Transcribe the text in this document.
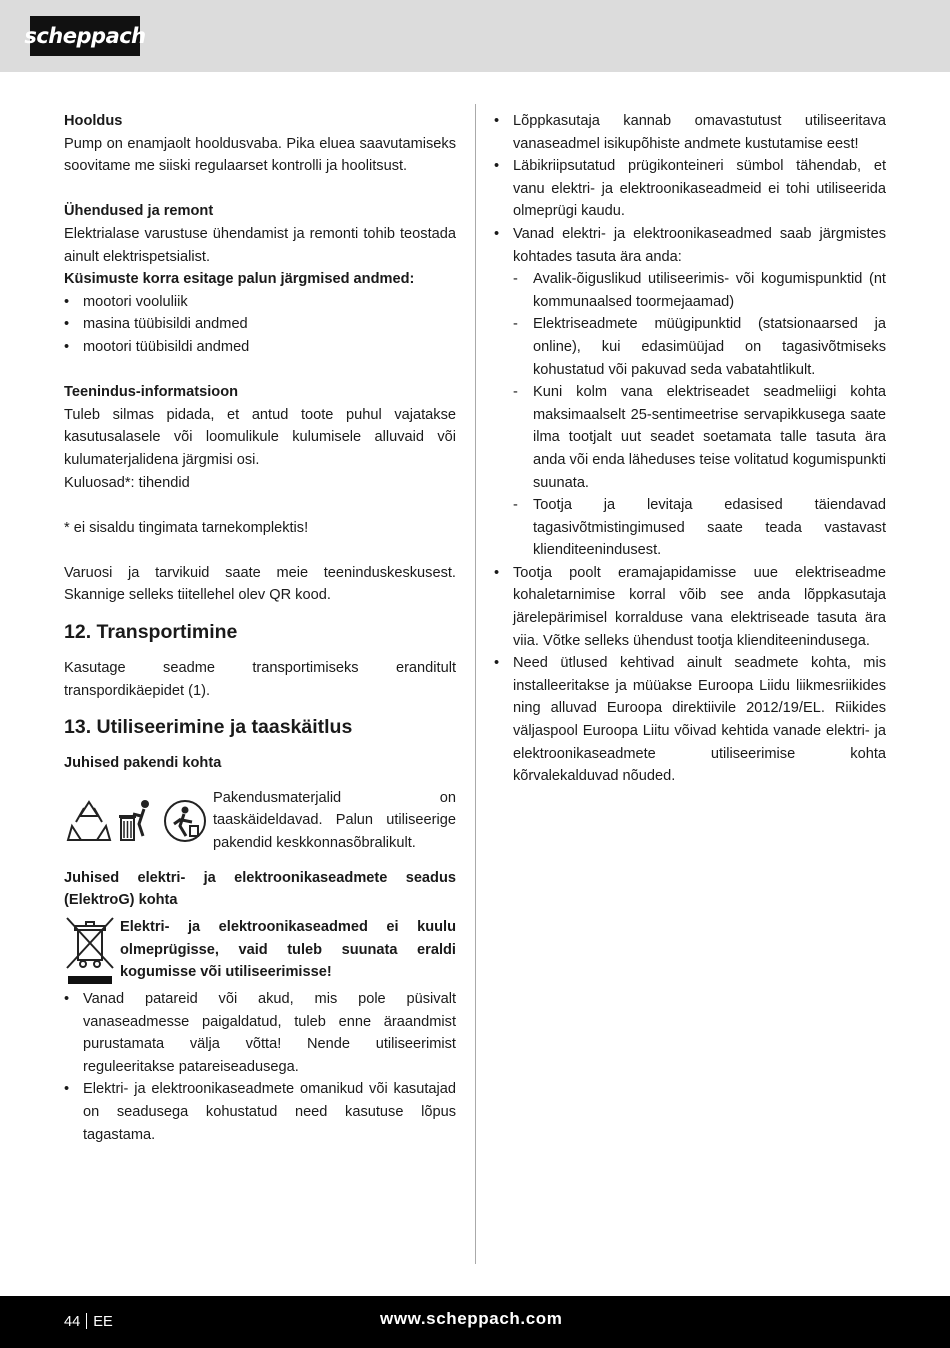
scheppach

Hooldus

Pump on enamjaolt hooldusvaba. Pika eluea saavutamiseks soovitame me siiski regulaarset kontrolli ja hoolitsust.

Ühendused ja remont

Elektrialase varustuse ühendamist ja remonti tohib teostada ainult elektrispetsialist.

Küsimuste korra esitage palun järgmised andmed:

• mootori vooluliik
• masina tüübisildi andmed
• mootori tüübisildi andmed

Teenindus-informatsioon

Tuleb silmas pidada, et antud toote puhul vajatakse kasutusalasele või loomulikule kulumisele alluvaid või kulumaterjalidena järgmisi osi.

Kuluosad*: tihendid

* ei sisaldu tingimata tarnekomplektis!

Varuosi ja tarvikuid saate meie teeninduskeskusest. Skannige selleks tiitellehel olev QR kood.

12. Transportimine

Kasutage seadme transportimiseks eranditult transpordikäepidet (1).

13. Utiliseerimine ja taaskäitlus

Juhised pakendi kohta

Pakendusmaterjalid on taaskäideldavad. Palun utiliseerige pakendid keskkonnasõbralikult.

Juhised elektri- ja elektroonikaseadmete seadus (ElektroG) kohta

Elektri- ja elektroonikaseadmed ei kuulu olmeprügisse, vaid tuleb suunata eraldi kogumisse või utiliseerimisse!

• Vanad patareid või akud, mis pole püsivalt vanaseadmesse paigaldatud, tuleb enne äraandmist purustamata välja võtta! Nende utiliseerimist reguleeritakse patareiseadusega.
• Elektri- ja elektroonikaseadmete omanikud või kasutajad on seadusega kohustatud need kasutuse lõpus tagastama.
• Lõppkasutaja kannab omavastutust utiliseeritava vanaseadmel isikupõhiste andmete kustutamise eest!
• Läbikriipsutatud prügikonteineri sümbol tähendab, et vanu elektri- ja elektroonikaseadmeid ei tohi utiliseerida olmeprügi kaudu.
• Vanad elektri- ja elektroonikaseadmed saab järgmistes kohtades tasuta ära anda:
- Avalik-õiguslikud utiliseerimis- või kogumispunktid (nt kommunaalsed toormejaamad)
- Elektriseadmete müügipunktid (statsionaarsed ja online), kui edasimüüjad on tagasivõtmiseks kohustatud või pakuvad seda vabatahtlikult.
- Kuni kolm vana elektriseadet seadmeliigi kohta maksimaalselt 25-sentimeetrise servapikkusega saate ilma tootjalt uut seadet soetamata talle tasuta ära anda või enda läheduses teise volitatud kogumispunkti suunata.
- Tootja ja levitaja edasised täiendavad tagasivõtmistingimused saate teada vastavast klienditeenindusest.
• Tootja poolt eramajapidamisse uue elektriseadme kohaletarnimise korral võib see anda lõppkasutaja järelepärimisel korralduse vana elektriseade tasuta ära viia. Võtke selleks ühendust tootja klienditeenindusega.
• Need ütlused kehtivad ainult seadmete kohta, mis installeeritakse ja müüakse Euroopa Liidu liikmesriikides ning alluvad Euroopa direktiivile 2012/19/EL. Riikides väljaspool Euroopa Liitu võivad kehtida vanade elektri- ja elektroonikaseadmete utiliseerimise kohta kõrvalekalduvad nõuded.
44 EE	www.scheppach.com
